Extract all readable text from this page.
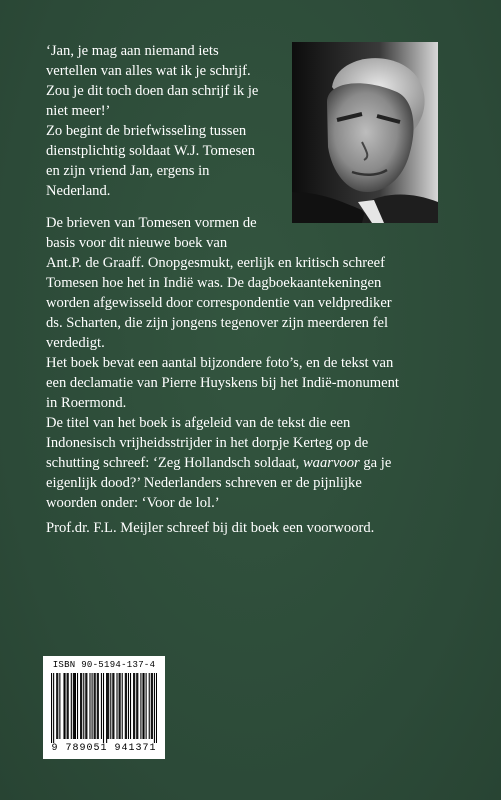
‘Jan, je mag aan niemand iets

vertellen van alles wat ik je schrijf.

Zou je dit toch doen dan schrijf ik je

niet meer!’

Zo begint de briefwisseling tussen

dienstplichtig soldaat W.J. Tomesen

en zijn vriend Jan, ergens in

Nederland.

De brieven van Tomesen vormen de

basis voor dit nieuwe boek van

Ant.P. de Graaff. Onopgesmukt, eerlijk en kritisch schreef

Tomesen hoe het in Indië was. De dagboekaantekeningen

worden afgewisseld door correspondentie van veldprediker

ds. Scharten, die zijn jongens tegenover zijn meerderen fel

verdedigt.

Het boek bevat een aantal bijzondere foto’s, en de tekst van

een declamatie van Pierre Huyskens bij het Indië-monument

in Roermond.

De titel van het boek is afgeleid van de tekst die een

Indonesisch vrijheidsstrijder in het dorpje Kerteg op de

schutting schreef: ‘Zeg Hollandsch soldaat, waarvoor ga je

eigenlijk dood?’ Nederlanders schreven er de pijnlijke

woorden onder: ‘Voor de lol.’

Prof.dr. F.L. Meijler schreef bij dit boek een voorwoord.
ISBN 90-5194-137-4
9 789051 941371
